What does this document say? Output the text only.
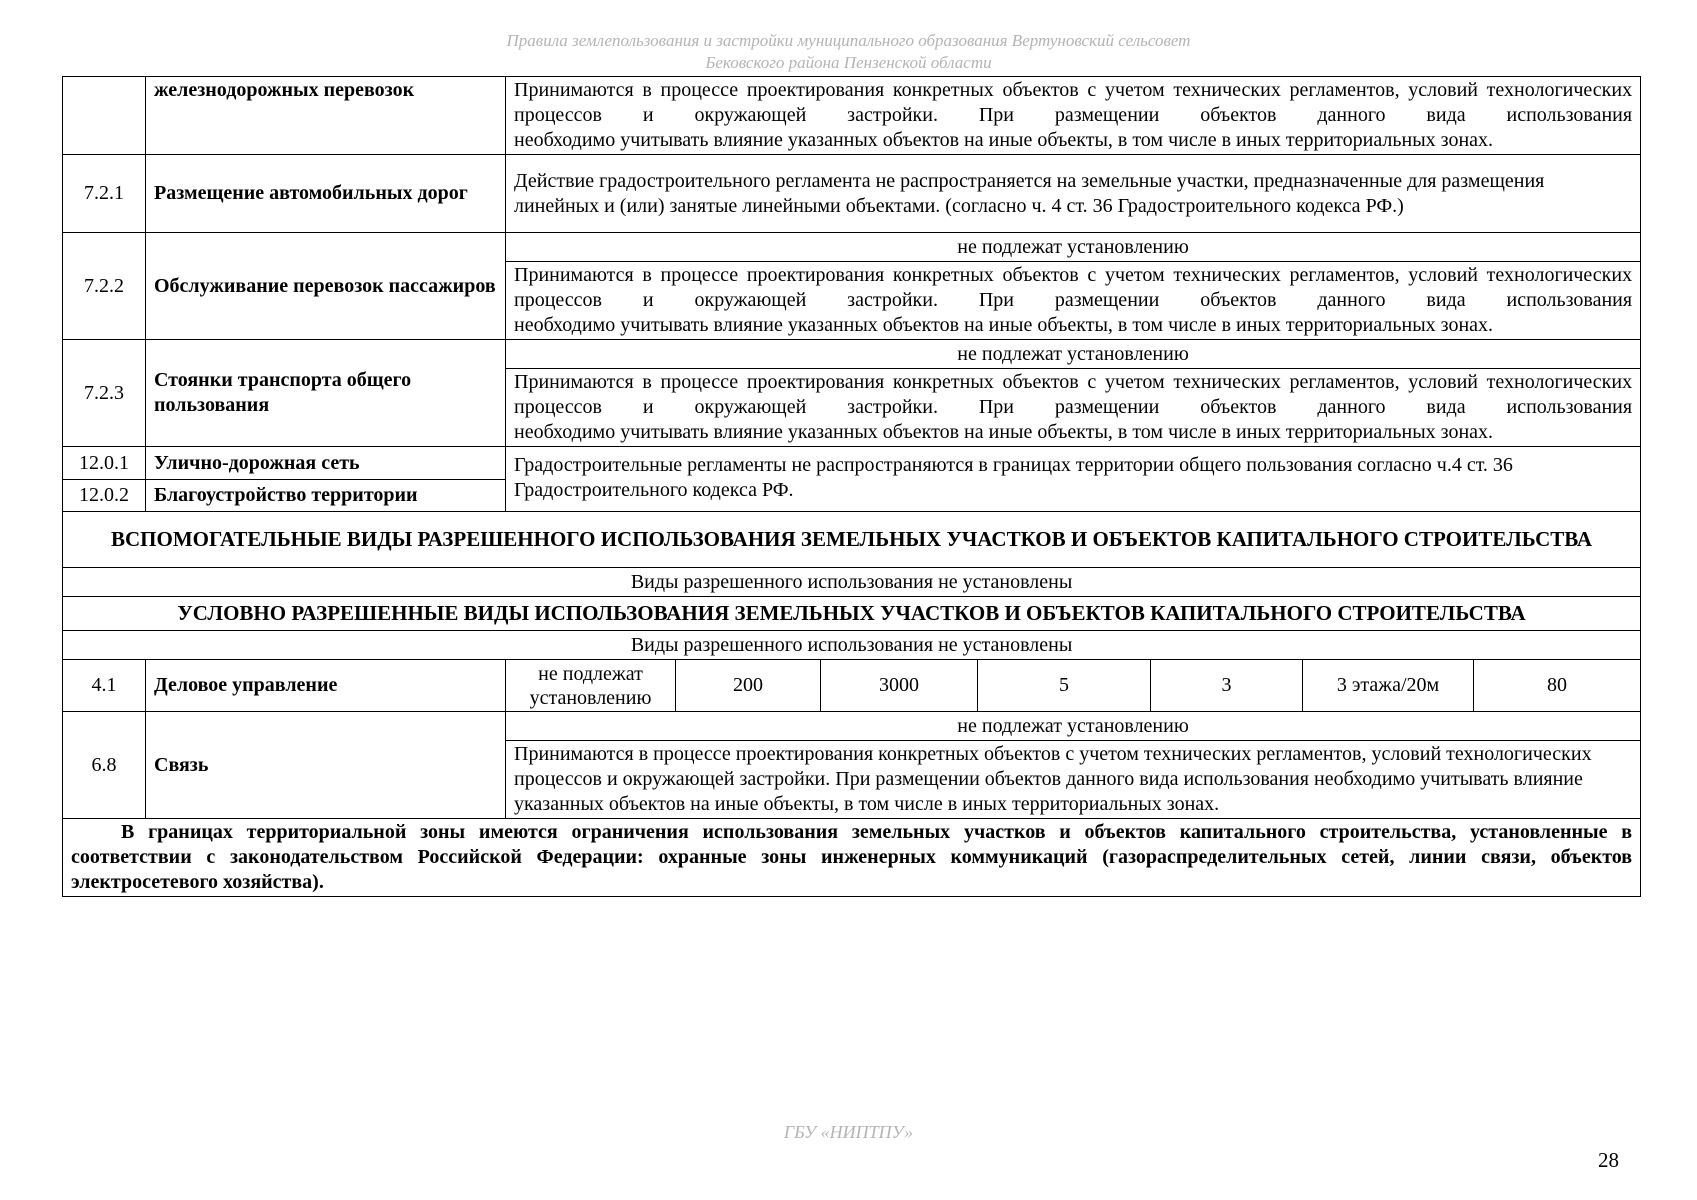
Правила землепользования и застройки муниципального образования Вертуновский сельсовет
Бековского района Пензенской области
	железнодорожных перевозок	Принимаются в процессе проектирования конкретных объектов с учетом технических регламентов, условий технологических процессов и окружающей застройки. При размещении объектов данного вида использования
необходимо учитывать влияние указанных объектов на иные объекты, в том числе в иных территориальных зонах.						

7.2.1	Размещение автомобильных дорог	Действие градостроительного регламента не распространяется на земельные участки, предназначенные для размещения линейных и (или) занятые линейными объектами. (согласно ч. 4 ст. 36 Градостроительного кодекса РФ.)						
7.2.2	Обслуживание перевозок пассажиров	не подлежат установлению						
		Принимаются в процессе проектирования конкретных объектов с учетом технических регламентов, условий технологических процессов и окружающей застройки. При размещении объектов данного вида использования
необходимо учитывать влияние указанных объектов на иные объекты, в том числе в иных территориальных зонах.						

7.2.3	Стоянки транспорта общего пользования	не подлежат установлению						
		Принимаются в процессе проектирования конкретных объектов с учетом технических регламентов, условий технологических процессов и окружающей застройки. При размещении объектов данного вида использования
необходимо учитывать влияние указанных объектов на иные объекты, в том числе в иных территориальных зонах.						

12.0.1	Улично-дорожная сеть	Градостроительные регламенты не распространяются в границах территории общего пользования согласно ч.4 ст. 36 Градостроительного кодекса РФ.						
12.0.2	Благоустройство территории							
ВСПОМОГАТЕЛЬНЫЕ ВИДЫ РАЗРЕШЕННОГО ИСПОЛЬЗОВАНИЯ ЗЕМЕЛЬНЫХ УЧАСТКОВ И ОБЪЕКТОВ КАПИТАЛЬНОГО СТРОИТЕЛЬСТВА								
Виды разрешенного использования не установлены								
УСЛОВНО РАЗРЕШЕННЫЕ ВИДЫ ИСПОЛЬЗОВАНИЯ ЗЕМЕЛЬНЫХ УЧАСТКОВ И ОБЪЕКТОВ КАПИТАЛЬНОГО СТРОИТЕЛЬСТВА								
Виды разрешенного использования не установлены								
4.1	Деловое управление	не подлежат установлению	200	3000	5	3	3 этажа/20м	80
6.8	Связь	не подлежат установлению						
		Принимаются в процессе проектирования конкретных объектов с учетом технических регламентов, условий технологических процессов и окружающей застройки. При размещении объектов данного вида использования необходимо учитывать влияние указанных объектов на иные объекты, в том числе в иных территориальных зонах.						
В границах территориальной зоны имеются ограничения использования земельных участков и объектов капитального строительства, установленные в соответствии с законодательством Российской Федерации: охранные зоны инженерных коммуникаций (газораспределительных сетей, линии связи, объектов электросетевого хозяйства).								
ГБУ «НИПТПУ»
28
